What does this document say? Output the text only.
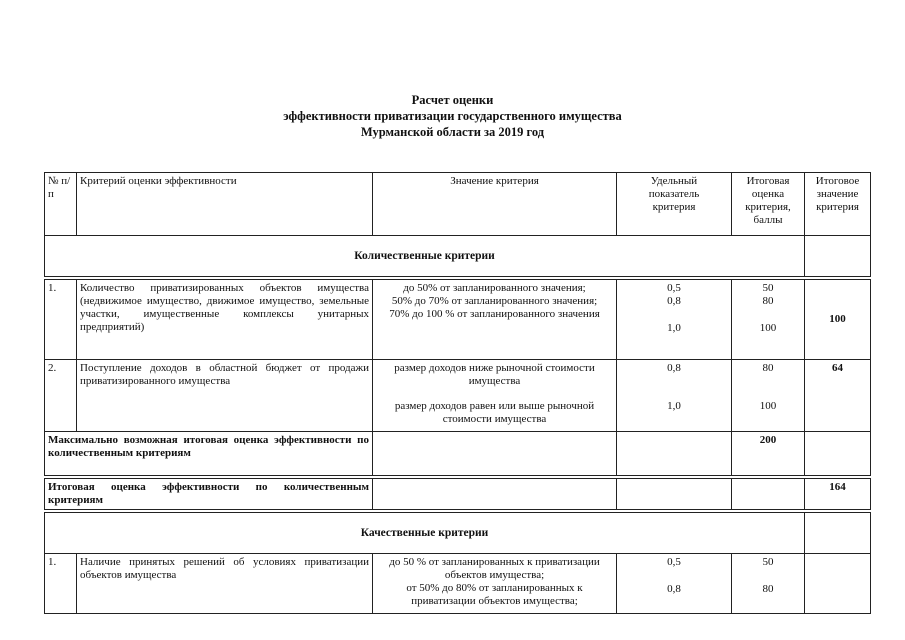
Расчет оценки
эффективности приватизации государственного имущества
Мурманской области за 2019 год
№ п/п	Критерий оценки эффективности	Значение критерия	Удельный показатель критерия	Итоговая оценка критерия, баллы	Итоговое значение критерия
Количественные критерии					

1.	Количество приватизированных объектов имущества (недвижимое имущество, движимое имущество, земельные участки, имущественные комплексы унитарных предприятий)	до 50% от запланированного значения;
50% до 70% от запланированного значения;
70% до 100 % от запланированного значения	0,5
0,8
1,0	50
80
100	100
2.	Поступление доходов в областной бюджет от продажи приватизированного имущества	размер доходов ниже рыночной стоимости имущества
размер доходов равен или выше рыночной стоимости имущества	0,8
1,0	80
100	64
Максимально возможная итоговая оценка эффективности по количественным критериям				200	

Итоговая оценка эффективности по количественным критериям					164

Качественные критерии					
1.	Наличие принятых решений об условиях приватизации объектов имущества	до 50 % от запланированных к приватизации объектов имущества;
от 50% до 80% от запланированных к приватизации объектов имущества;	0,5
0,8	50
80	
